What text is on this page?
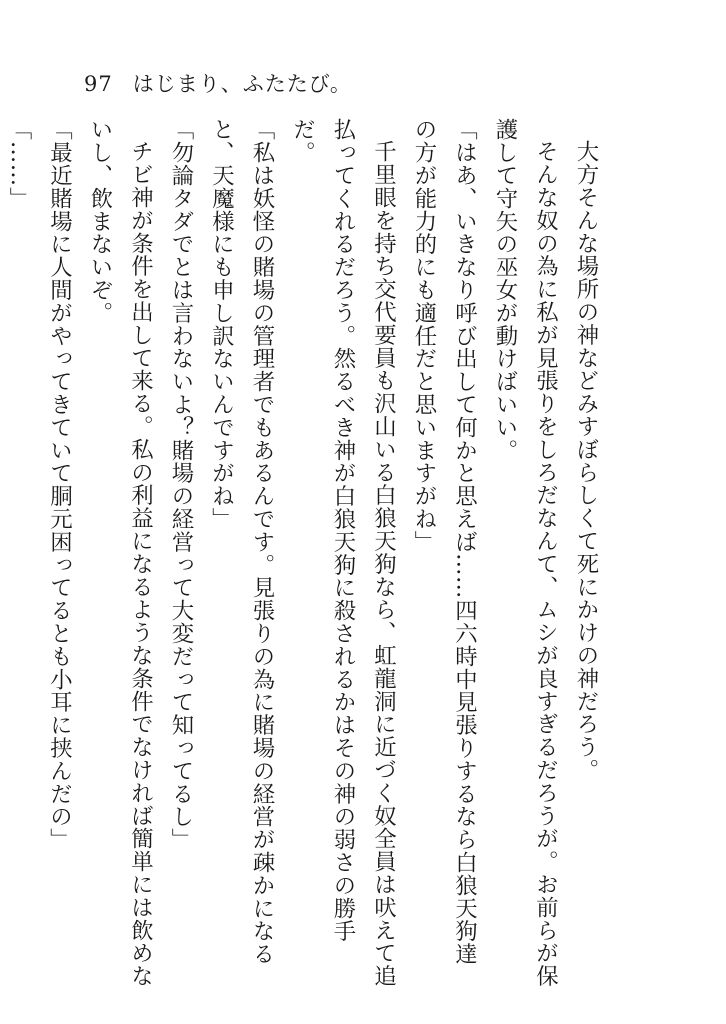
97 はじまり、ふたたび。

大方そんな場所の神などみすぼらしくて死にかけの神だろう。

そんな奴の為に私が見張りをしろだなんて、ムシが良すぎるだろうが。お前らが保護して守矢の巫女が動けばいい。

「はあ、いきなり呼び出して何かと思えば……四六時中見張りするなら白狼天狗達の方が能力的にも適任だと思いますがね」

千里眼を持ち交代要員も沢山いる白狼天狗なら、虹龍洞に近づく奴全員は吠えて追払ってくれるだろう。然るべき神が白狼天狗に殺されるかはその神の弱さの勝手だ。

「私は妖怪の賭場の管理者でもあるんです。見張りの為に賭場の経営が疎かになると、天魔様にも申し訳ないんですがね」

「勿論タダでとは言わないよ？賭場の経営って大変だって知ってるし」

チビ神が条件を出して来る。私の利益になるような条件でなければ簡単には飲めないし、飲まないぞ。

「最近賭場に人間がやってきていて胴元困ってるとも小耳に挟んだの」

「……」
